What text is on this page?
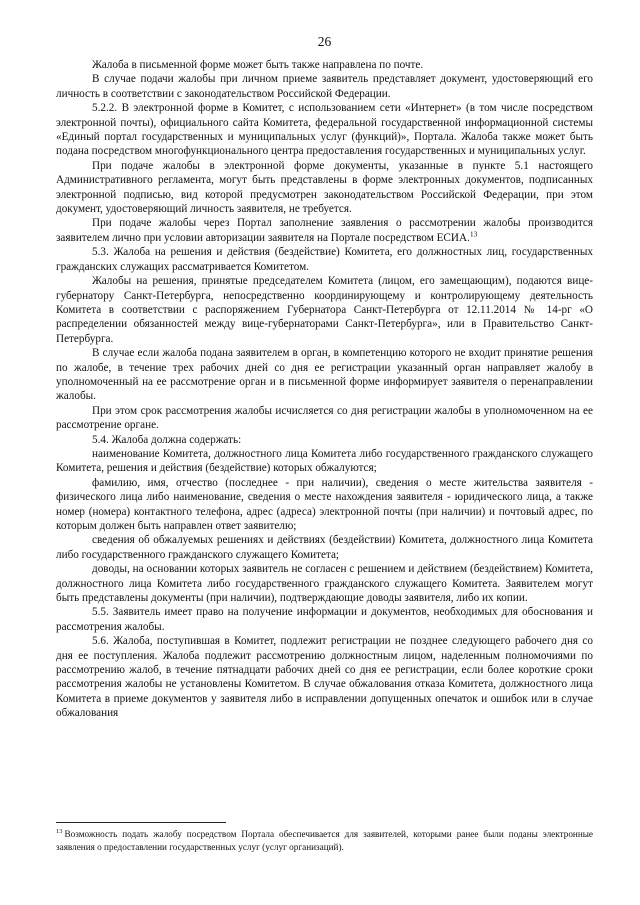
26

Жалоба в письменной форме может быть также направлена по почте.

В случае подачи жалобы при личном приеме заявитель представляет документ, удостоверяющий его личность в соответствии с законодательством Российской Федерации.

5.2.2. В электронной форме в Комитет, с использованием сети «Интернет» (в том числе посредством электронной почты), официального сайта Комитета, федеральной государственной информационной системы «Единый портал государственных и муниципальных услуг (функций)», Портала. Жалоба также может быть подана посредством многофункционального центра предоставления государственных и муниципальных услуг.

При подаче жалобы в электронной форме документы, указанные в пункте 5.1 настоящего Административного регламента, могут быть представлены в форме электронных документов, подписанных электронной подписью, вид которой предусмотрен законодательством Российской Федерации, при этом документ, удостоверяющий личность заявителя, не требуется.

При подаче жалобы через Портал заполнение заявления о рассмотрении жалобы производится заявителем лично при условии авторизации заявителя на Портале посредством ЕСИА.$^{13}$

5.3. Жалоба на решения и действия (бездействие) Комитета, его должностных лиц, государственных гражданских служащих рассматривается Комитетом.

Жалобы на решения, принятые председателем Комитета (лицом, его замещающим), подаются вице-губернатору Санкт-Петербурга, непосредственно координирующему и контролирующему деятельность Комитета в соответствии с распоряжением Губернатора Санкт-Петербурга от 12.11.2014 № 14-рг «О распределении обязанностей между вице-губернаторами Санкт-Петербурга», или в Правительство Санкт-Петербурга.

В случае если жалоба подана заявителем в орган, в компетенцию которого не входит принятие решения по жалобе, в течение трех рабочих дней со дня ее регистрации указанный орган направляет жалобу в уполномоченный на ее рассмотрение орган и в письменной форме информирует заявителя о перенаправлении жалобы.

При этом срок рассмотрения жалобы исчисляется со дня регистрации жалобы в уполномоченном на ее рассмотрение органе.

5.4. Жалоба должна содержать:

наименование Комитета, должностного лица Комитета либо государственного гражданского служащего Комитета, решения и действия (бездействие) которых обжалуются;

фамилию, имя, отчество (последнее - при наличии), сведения о месте жительства заявителя - физического лица либо наименование, сведения о месте нахождения заявителя - юридического лица, а также номер (номера) контактного телефона, адрес (адреса) электронной почты (при наличии) и почтовый адрес, по которым должен быть направлен ответ заявителю;

сведения об обжалуемых решениях и действиях (бездействии) Комитета, должностного лица Комитета либо государственного гражданского служащего Комитета;

доводы, на основании которых заявитель не согласен с решением и действием (бездействием) Комитета, должностного лица Комитета либо государственного гражданского служащего Комитета. Заявителем могут быть представлены документы (при наличии), подтверждающие доводы заявителя, либо их копии.

5.5. Заявитель имеет право на получение информации и документов, необходимых для обоснования и рассмотрения жалобы.

5.6. Жалоба, поступившая в Комитет, подлежит регистрации не позднее следующего рабочего дня со дня ее поступления. Жалоба подлежит рассмотрению должностным лицом, наделенным полномочиями по рассмотрению жалоб, в течение пятнадцати рабочих дней со дня ее регистрации, если более короткие сроки рассмотрения жалобы не установлены Комитетом. В случае обжалования отказа Комитета, должностного лица Комитета в приеме документов у заявителя либо в исправлении допущенных опечаток и ошибок или в случае обжалования

$^{13}$ Возможность подать жалобу посредством Портала обеспечивается для заявителей, которыми ранее были поданы электронные заявления о предоставлении государственных услуг (услуг организаций).
